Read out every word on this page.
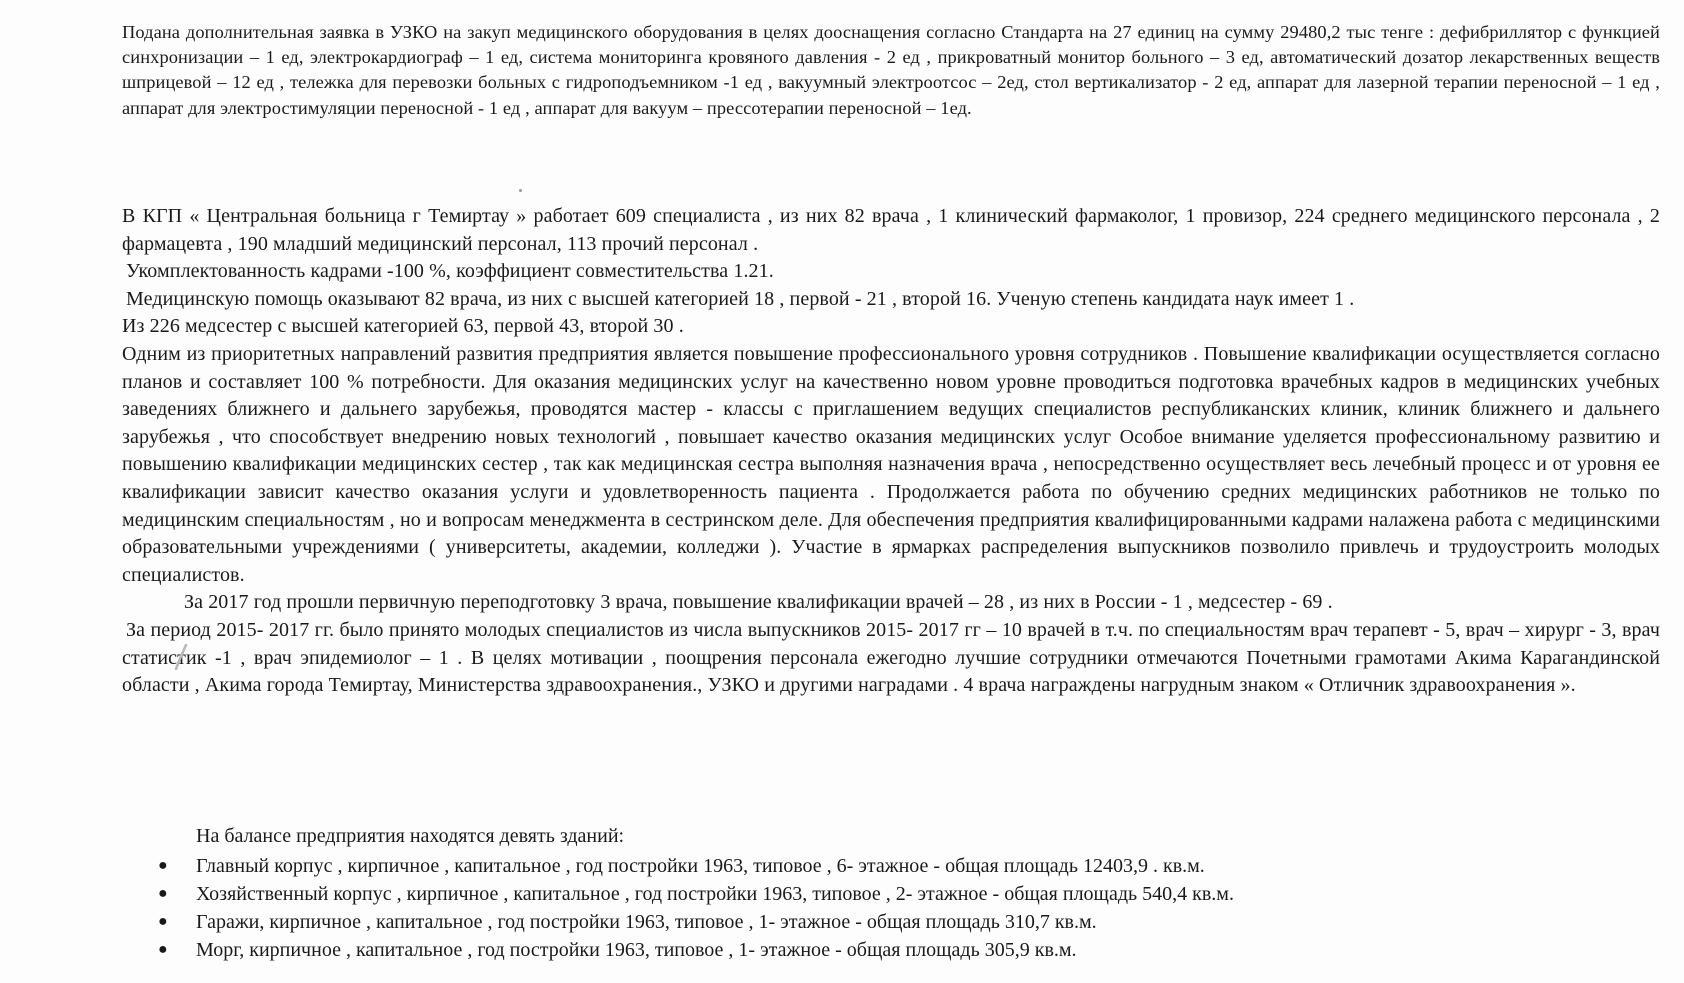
Подана дополнительная заявка в УЗКО на закуп медицинского оборудования в целях дооснащения согласно Стандарта на 27 единиц на сумму 29480,2 тыс тенге : дефибриллятор с функцией синхронизации – 1 ед, электрокардиограф – 1 ед, система мониторинга кровяного давления - 2 ед , прикроватный монитор больного – 3 ед, автоматический дозатор лекарственных веществ шприцевой – 12 ед , тележка для перевозки больных с гидроподъемником -1 ед , вакуумный электроотсос – 2ед, стол вертикализатор - 2 ед, аппарат для лазерной терапии переносной – 1 ед , аппарат для электростимуляции переносной - 1 ед , аппарат для вакуум – прессотерапии переносной – 1ед.

В КГП « Центральная больница г Темиртау » работает 609 специалиста , из них 82 врача , 1 клинический фармаколог, 1 провизор, 224 среднего медицинского персонала , 2 фармацевта , 190 младший медицинский персонал, 113 прочий персонал .

Укомплектованность кадрами -100 %, коэффициент совместительства 1.21.

Медицинскую помощь оказывают 82 врача, из них с высшей категорией 18 , первой - 21 , второй 16. Ученую степень кандидата наук имеет 1 .

Из 226 медсестер с высшей категорией 63, первой 43, второй 30 .

Одним из приоритетных направлений развития предприятия является повышение профессионального уровня сотрудников . Повышение квалификации осуществляется согласно планов и составляет 100 % потребности. Для оказания медицинских услуг на качественно новом уровне проводиться подготовка врачебных кадров в медицинских учебных заведениях ближнего и дальнего зарубежья, проводятся мастер - классы с приглашением ведущих специалистов республиканских клиник, клиник ближнего и дальнего зарубежья , что способствует внедрению новых технологий , повышает качество оказания медицинских услуг Особое внимание уделяется профессиональному развитию и повышению квалификации медицинских сестер , так как медицинская сестра выполняя назначения врача , непосредственно осуществляет весь лечебный процесс и от уровня ее квалификации зависит качество оказания услуги и удовлетворенность пациента . Продолжается работа по обучению средних медицинских работников не только по медицинским специальностям , но и вопросам менеджмента в сестринском деле. Для обеспечения предприятия квалифицированными кадрами налажена работа с медицинскими образовательными учреждениями ( университеты, академии, колледжи ). Участие в ярмарках распределения выпускников позволило привлечь и трудоустроить молодых специалистов.

За 2017 год прошли первичную переподготовку 3 врача, повышение квалификации врачей – 28 , из них в России - 1 , медсестер - 69 .

За период 2015- 2017 гг. было принято молодых специалистов из числа выпускников 2015- 2017 гг – 10 врачей в т.ч. по специальностям врач терапевт - 5, врач – хирург - 3, врач статистик -1 , врач эпидемиолог – 1 . В целях мотивации , поощрения персонала ежегодно лучшие сотрудники отмечаются Почетными грамотами Акима Карагандинской области , Акима города Темиртау, Министерства здравоохранения., УЗКО и другими наградами . 4 врача награждены нагрудным знаком « Отличник здравоохранения ».

На балансе предприятия находятся девять зданий:

● Главный корпус , кирпичное , капитальное , год постройки 1963, типовое , 6- этажное - общая площадь 12403,9 . кв.м.
● Хозяйственный корпус , кирпичное , капитальное , год постройки 1963, типовое , 2- этажное - общая площадь 540,4 кв.м.
● Гаражи, кирпичное , капитальное , год постройки 1963, типовое , 1- этажное - общая площадь 310,7 кв.м.
● Морг, кирпичное , капитальное , год постройки 1963, типовое , 1- этажное - общая площадь 305,9 кв.м.
